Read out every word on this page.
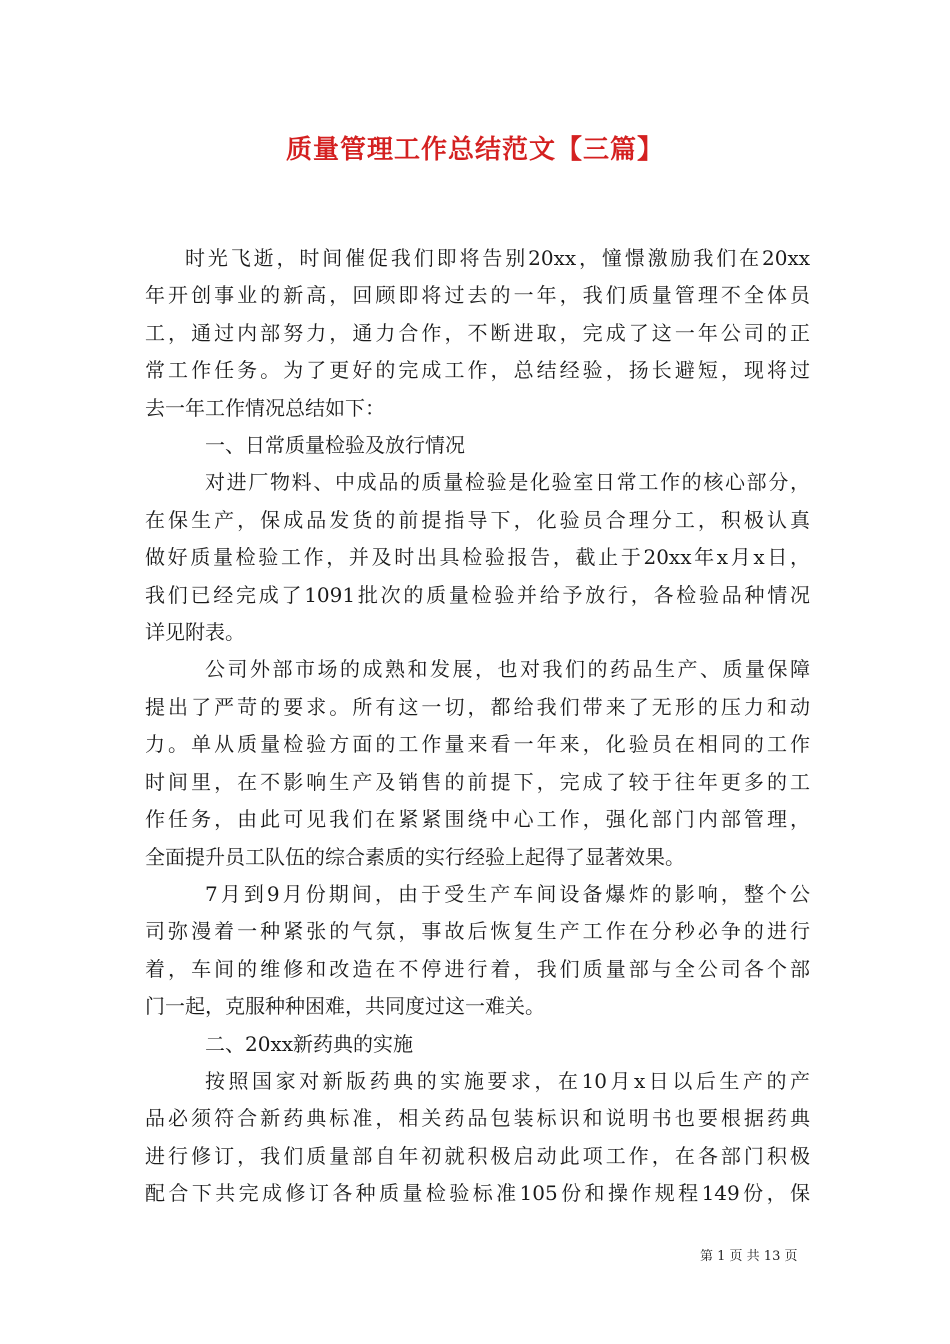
质量管理工作总结范文【三篇】
时光飞逝，时间催促我们即将告别20xx，憧憬激励我们在20xx
年开创事业的新高，回顾即将过去的一年，我们质量管理不全体员
工，通过内部努力，通力合作，不断进取，完成了这一年公司的正
常工作任务。为了更好的完成工作，总结经验，扬长避短，现将过
去一年工作情况总结如下：
一、日常质量检验及放行情况
对进厂物料、中成品的质量检验是化验室日常工作的核心部分，
在保生产，保成品发货的前提指导下，化验员合理分工，积极认真
做好质量检验工作，并及时出具检验报告，截止于20xx年x月x日，
我们已经完成了1091批次的质量检验并给予放行，各检验品种情况
详见附表。
公司外部市场的成熟和发展，也对我们的药品生产、质量保障
提出了严苛的要求。所有这一切，都给我们带来了无形的压力和动
力。单从质量检验方面的工作量来看一年来，化验员在相同的工作
时间里，在不影响生产及销售的前提下，完成了较于往年更多的工
作任务，由此可见我们在紧紧围绕中心工作，强化部门内部管理，
全面提升员工队伍的综合素质的实行经验上起得了显著效果。
7月到9月份期间，由于受生产车间设备爆炸的影响，整个公
司弥漫着一种紧张的气氛，事故后恢复生产工作在分秒必争的进行
着，车间的维修和改造在不停进行着，我们质量部与全公司各个部
门一起，克服种种困难，共同度过这一难关。
二、20xx新药典的实施
按照国家对新版药典的实施要求，在10月x日以后生产的产
品必须符合新药典标准，相关药品包装标识和说明书也要根据药典
进行修订，我们质量部自年初就积极启动此项工作，在各部门积极
配合下共完成修订各种质量检验标准105份和操作规程149份，保
第 1 页 共 13 页
